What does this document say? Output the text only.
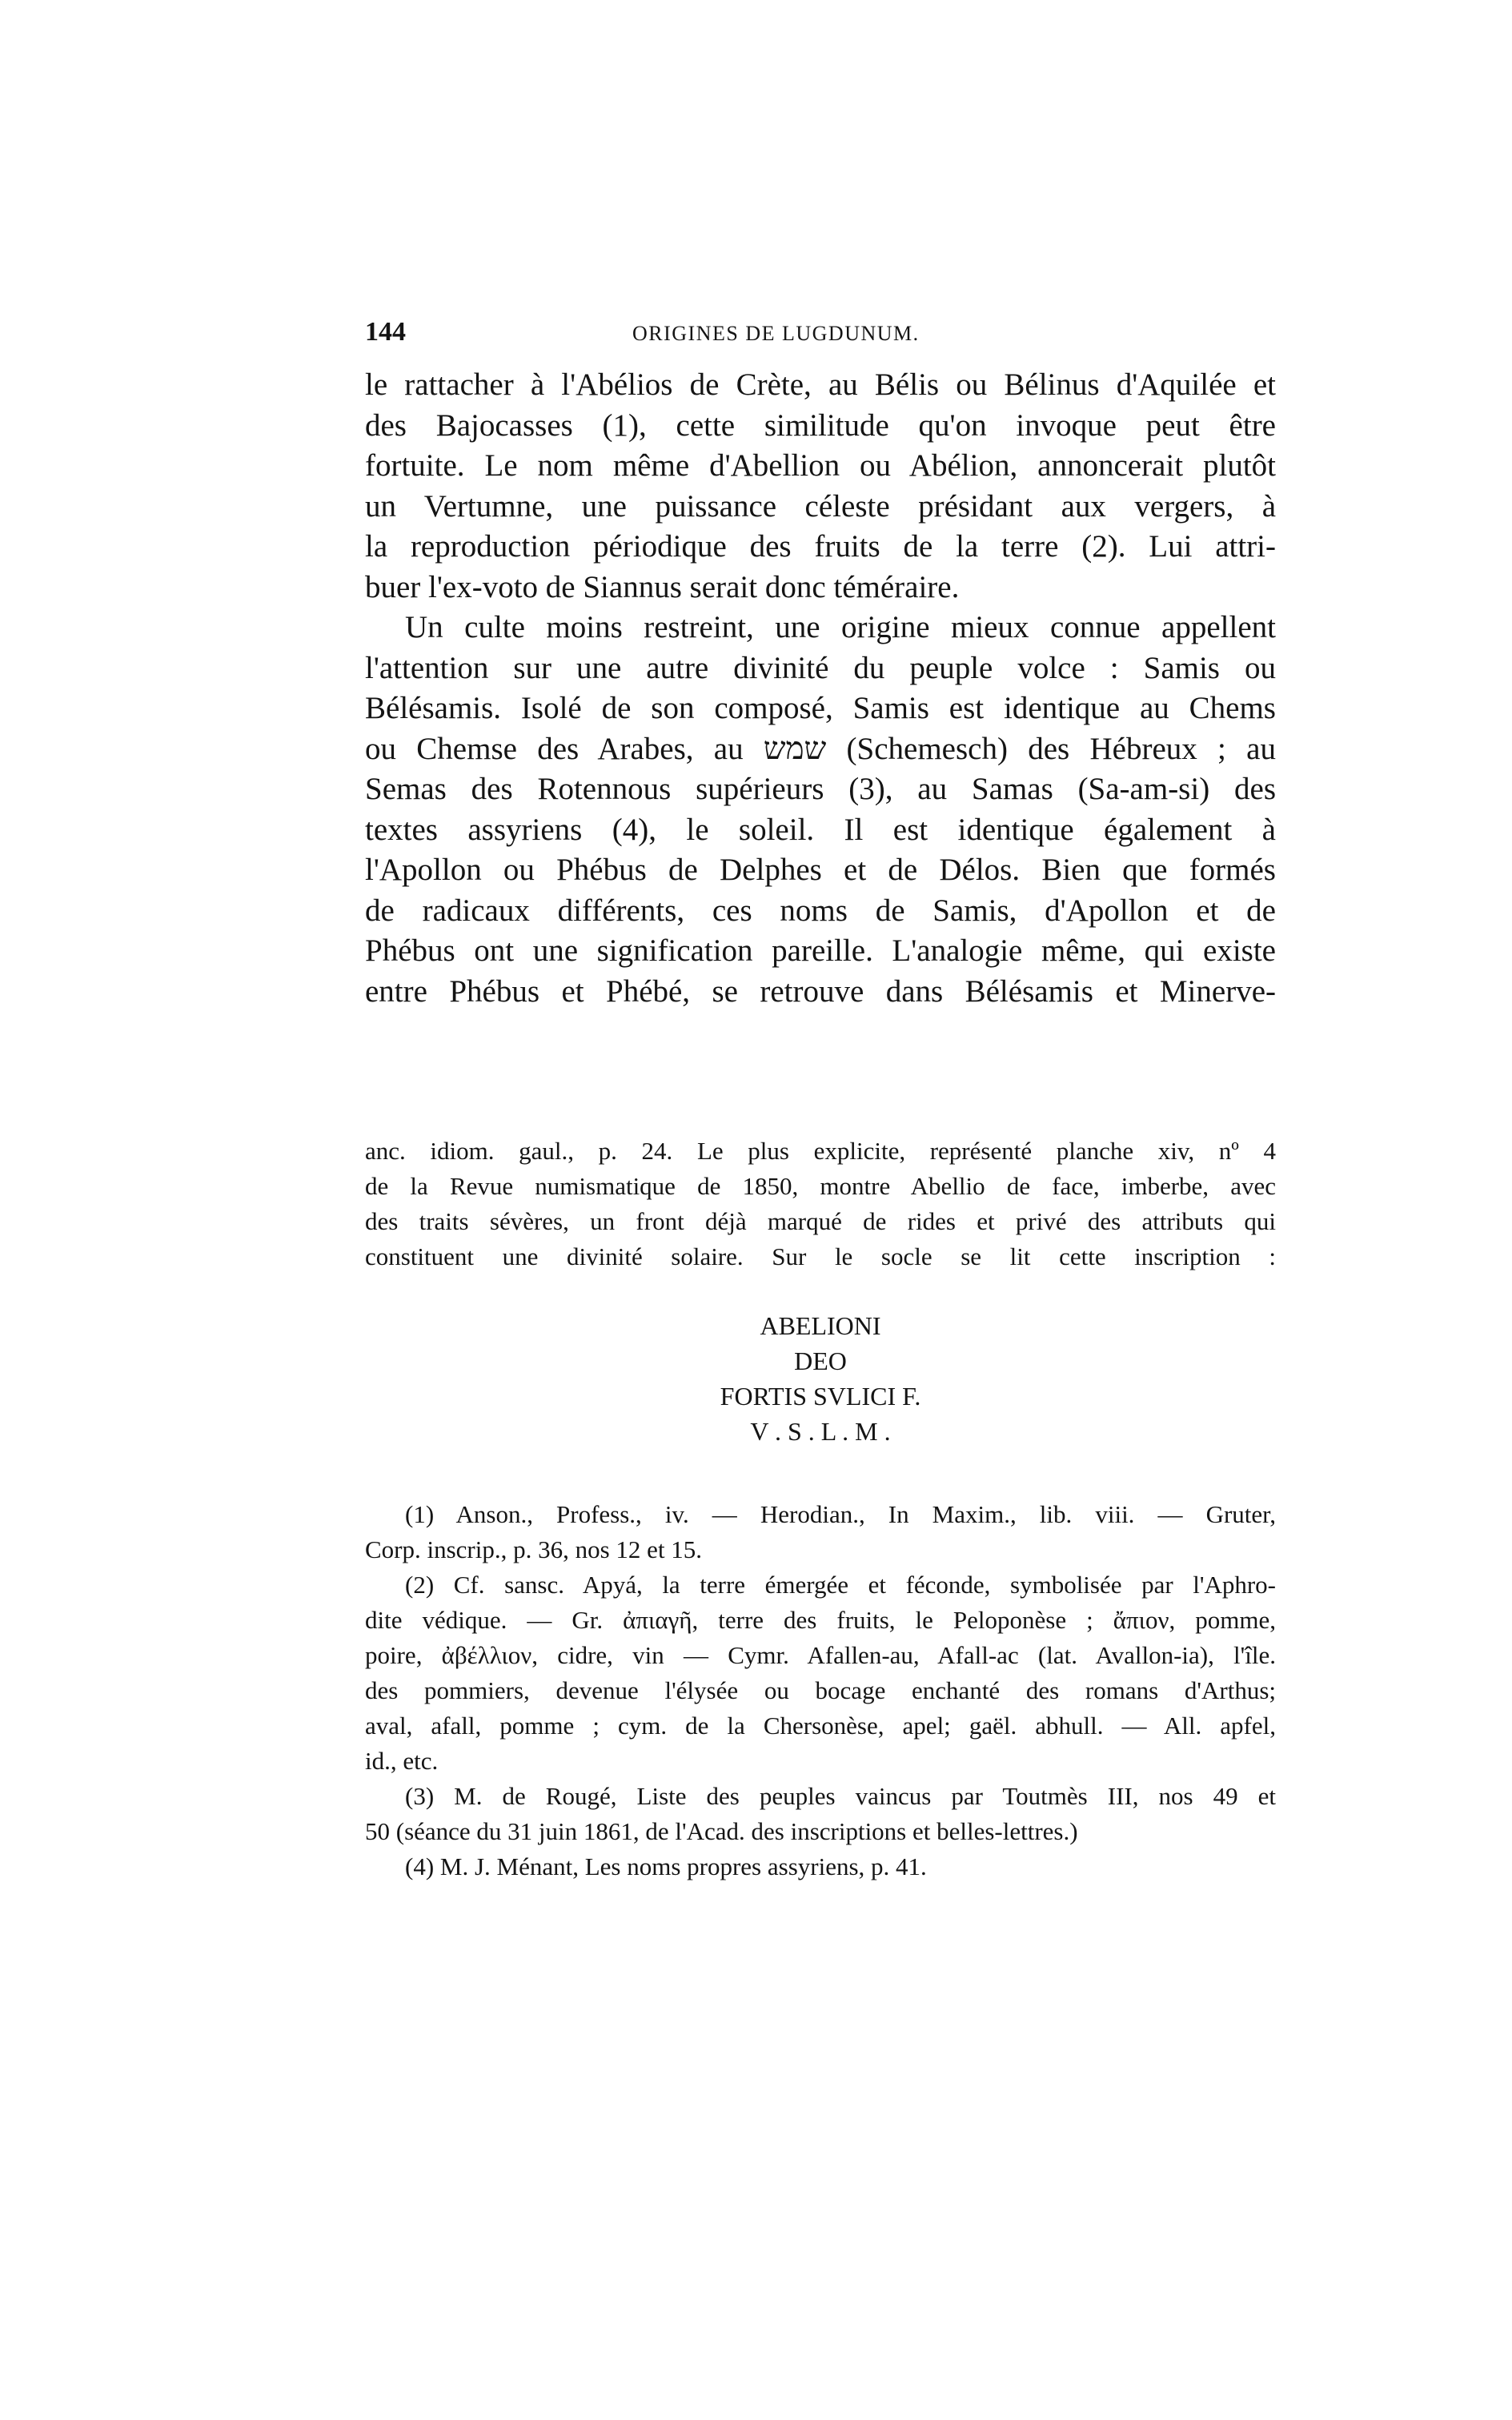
144	ORIGINES DE LUGDUNUM.
le rattacher à l'Abélios de Crète, au Bélis ou Bélinus d'Aquilée et
des Bajocasses (1), cette similitude qu'on invoque peut être
fortuite. Le nom même d'Abellion ou Abélion, annoncerait plutôt
un Vertumne, une puissance céleste présidant aux vergers, à
la reproduction périodique des fruits de la terre (2). Lui attri-
buer l'ex-voto de Siannus serait donc téméraire.
Un culte moins restreint, une origine mieux connue appellent
l'attention sur une autre divinité du peuple volce : Samis ou
Bélésamis. Isolé de son composé, Samis est identique au Chems
ou Chemse des Arabes, au שמש (Schemesch) des Hébreux ; au
Semas des Rotennous supérieurs (3), au Samas (Sa-am-si) des
textes assyriens (4), le soleil. Il est identique également à
l'Apollon ou Phébus de Delphes et de Délos. Bien que formés
de radicaux différents, ces noms de Samis, d'Apollon et de
Phébus ont une signification pareille. L'analogie même, qui existe
entre Phébus et Phébé, se retrouve dans Bélésamis et Minerve-
anc. idiom. gaul., p. 24. Le plus explicite, représenté planche xiv, nº 4
de la Revue numismatique de 1850, montre Abellio de face, imberbe, avec
des traits sévères, un front déjà marqué de rides et privé des attributs qui
constituent une divinité solaire. Sur le socle se lit cette inscription :
ABELIONI
DEO
FORTIS SVLICI F.
V . S . L . M .
(1) Anson., Profess., iv. — Herodian., In Maxim., lib. viii. — Gruter,
Corp. inscrip., p. 36, nos 12 et 15.
(2) Cf. sansc. Apyá, la terre émergée et féconde, symbolisée par l'Aphro-
dite védique. — Gr. ἀπιαγῆ, terre des fruits, le Peloponèse ; ἄπιον, pomme,
poire, ἀβέλλιον, cidre, vin — Cymr. Afallen-au, Afall-ac (lat. Avallon-ia), l'île.
des pommiers, devenue l'élysée ou bocage enchanté des romans d'Arthus;
aval, afall, pomme ; cym. de la Chersonèse, apel; gaël. abhull. — All. apfel,
id., etc.
(3) M. de Rougé, Liste des peuples vaincus par Toutmès III, nos 49 et
50 (séance du 31 juin 1861, de l'Acad. des inscriptions et belles-lettres.)
(4) M. J. Ménant, Les noms propres assyriens, p. 41.
